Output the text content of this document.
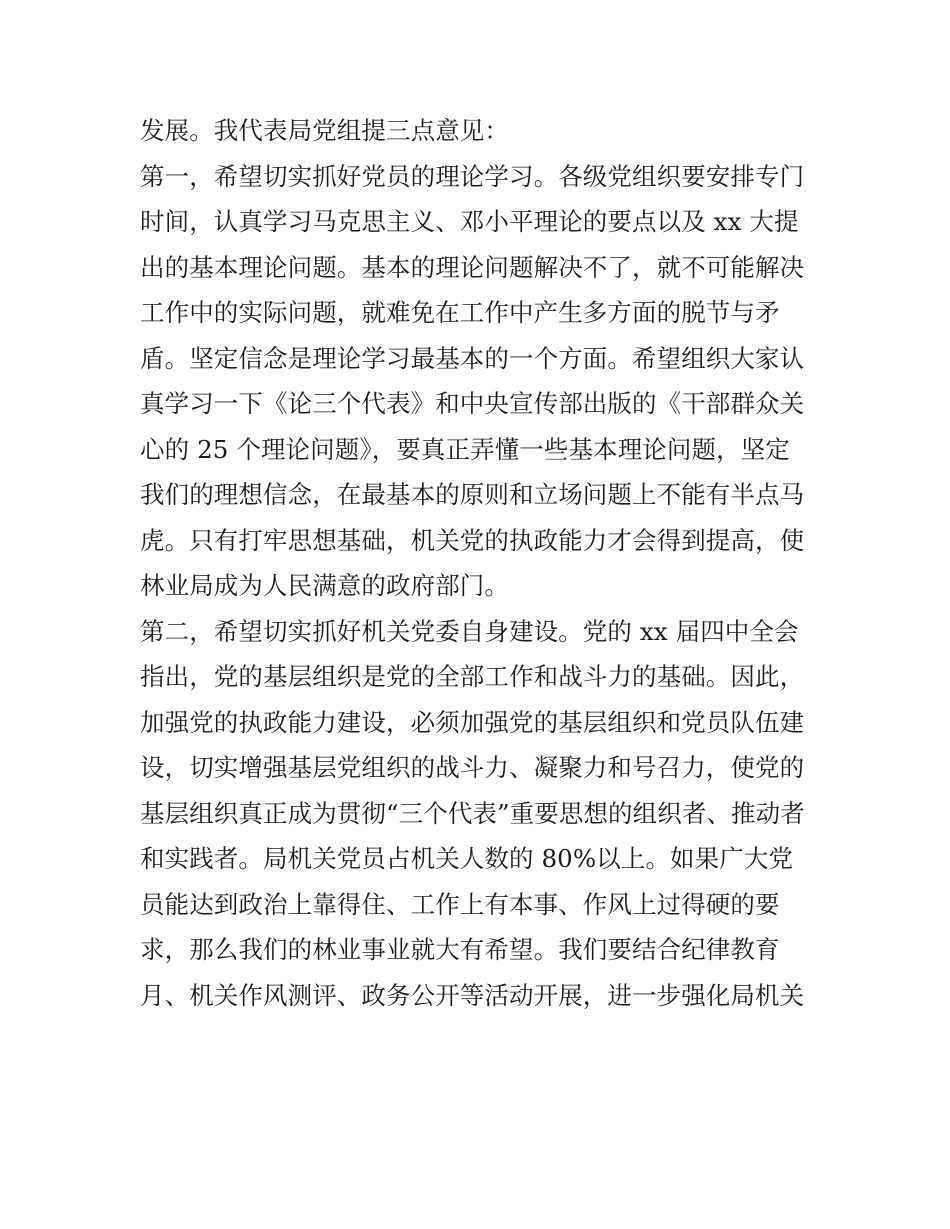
发展。我代表局党组提三点意见：
第一，希望切实抓好党员的理论学习。各级党组织要安排专门
时间，认真学习马克思主义、邓小平理论的要点以及 xx 大提
出的基本理论问题。基本的理论问题解决不了，就不可能解决
工作中的实际问题，就难免在工作中产生多方面的脱节与矛
盾。坚定信念是理论学习最基本的一个方面。希望组织大家认
真学习一下《论三个代表》和中央宣传部出版的《干部群众关
心的 25 个理论问题》，要真正弄懂一些基本理论问题，坚定
我们的理想信念，在最基本的原则和立场问题上不能有半点马
虎。只有打牢思想基础，机关党的执政能力才会得到提高，使
林业局成为人民满意的政府部门。
第二，希望切实抓好机关党委自身建设。党的 xx 届四中全会
指出，党的基层组织是党的全部工作和战斗力的基础。因此，
加强党的执政能力建设，必须加强党的基层组织和党员队伍建
设，切实增强基层党组织的战斗力、凝聚力和号召力，使党的
基层组织真正成为贯彻“三个代表”重要思想的组织者、推动者
和实践者。局机关党员占机关人数的 80%以上。如果广大党
员能达到政治上靠得住、工作上有本事、作风上过得硬的要
求，那么我们的林业事业就大有希望。我们要结合纪律教育
月、机关作风测评、政务公开等活动开展，进一步强化局机关
